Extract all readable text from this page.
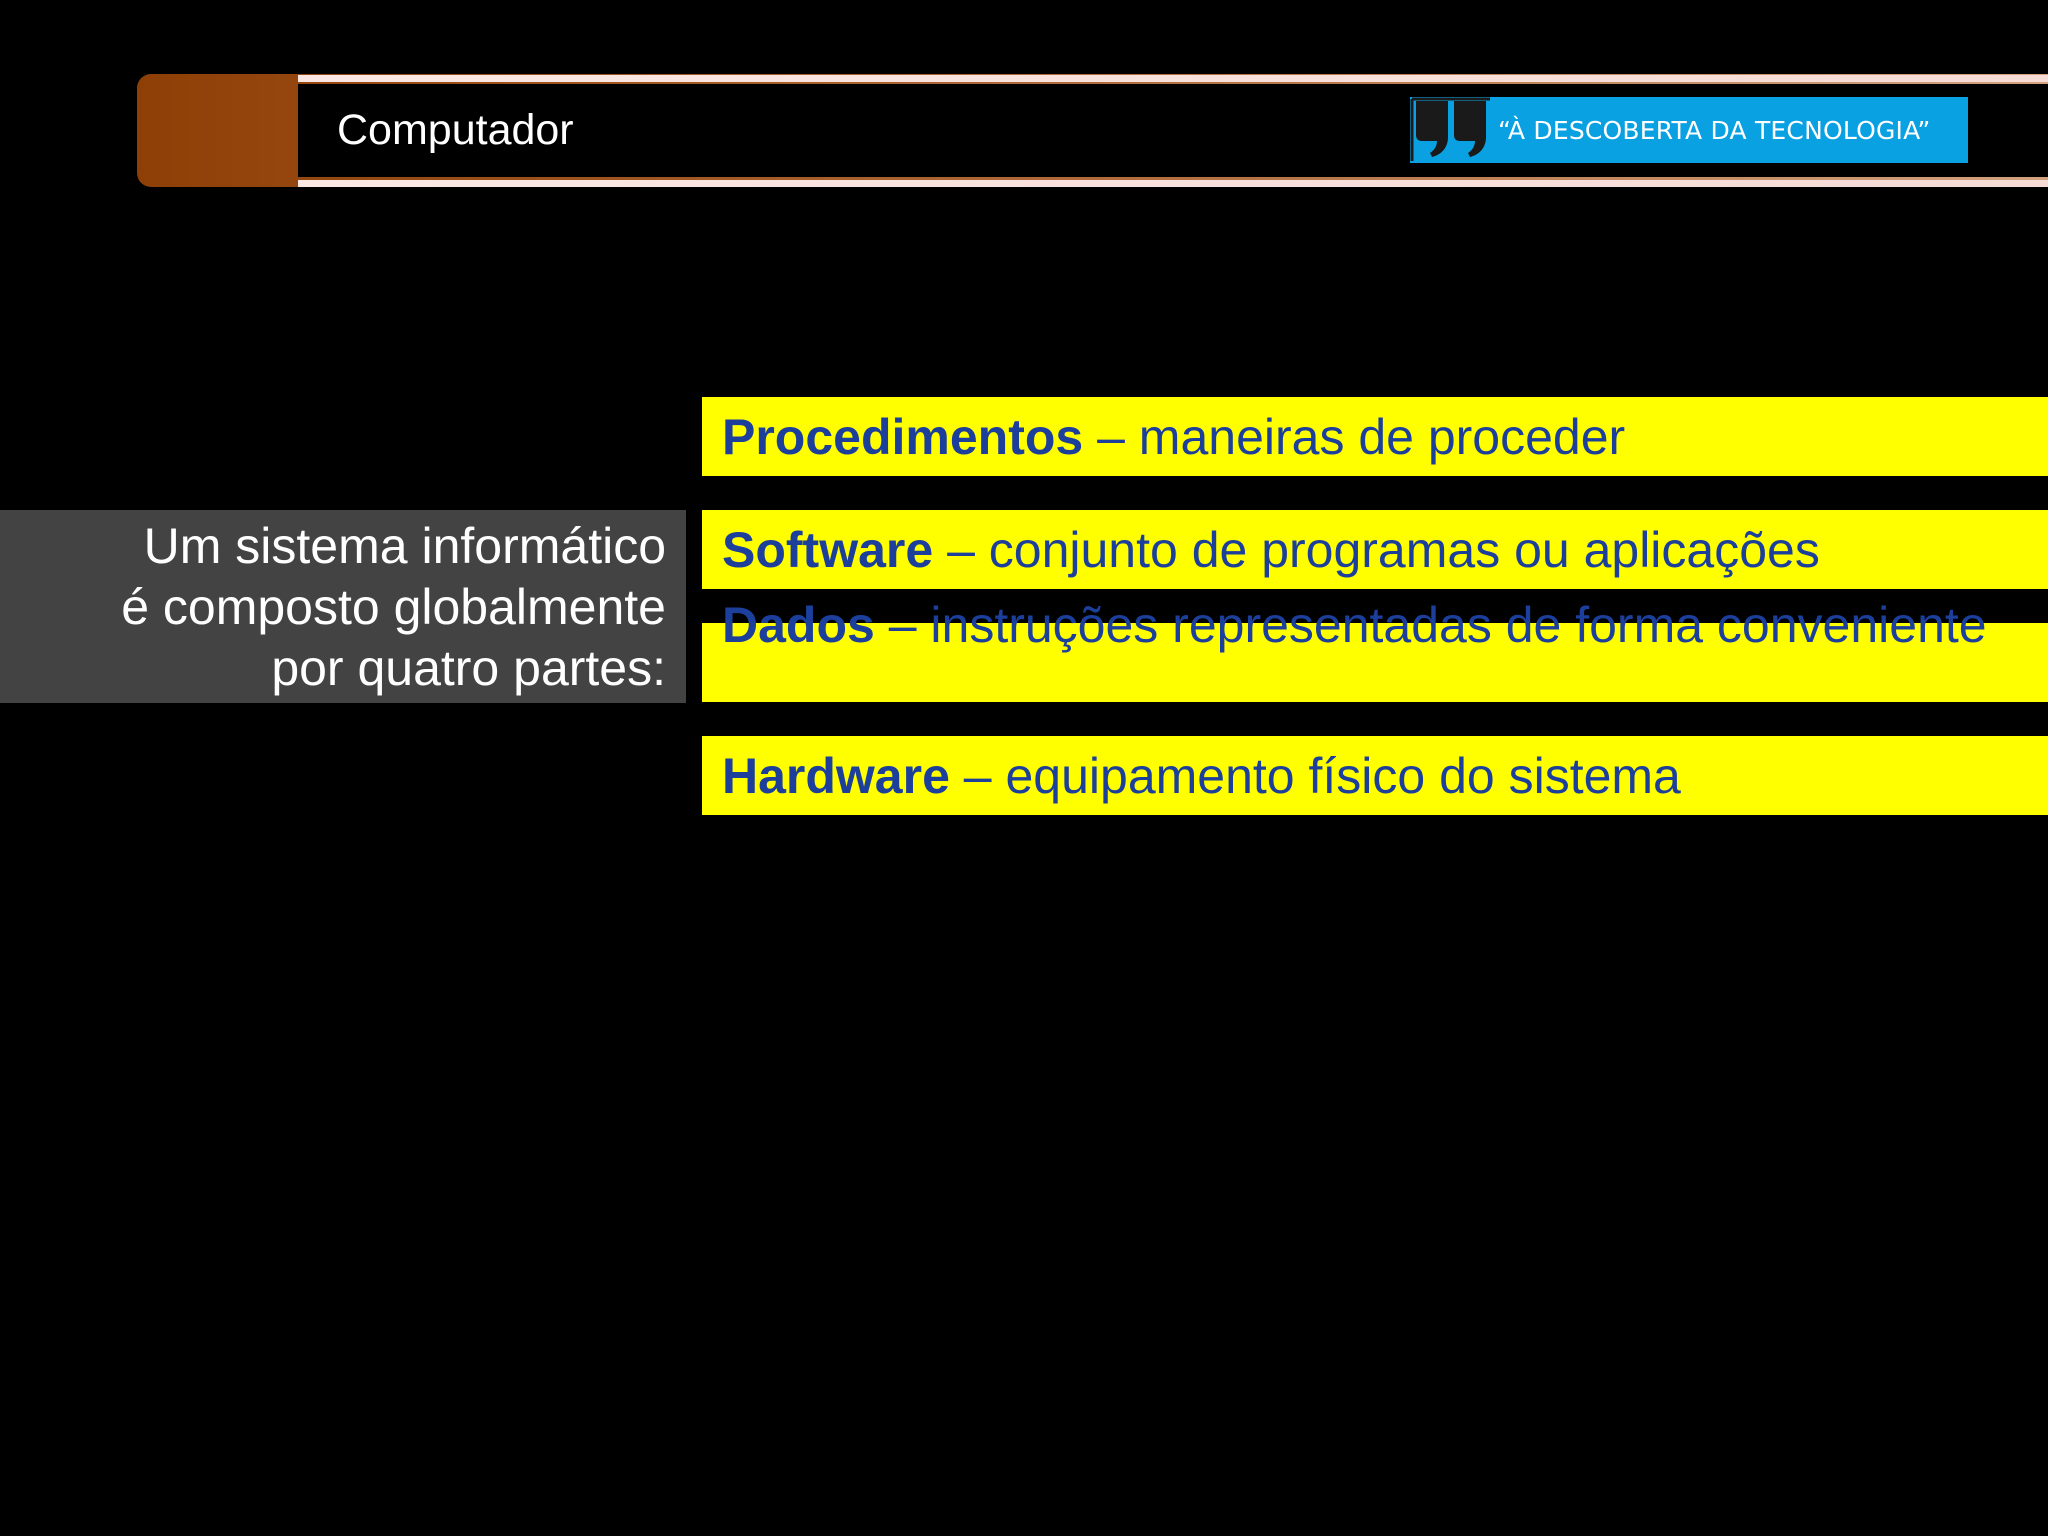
Computador	“À DESCOBERTA DA TECNOLOGIA”
Um sistema informático
é composto globalmente
por quatro partes:
Procedimentos – maneiras de proceder
Software – conjunto de programas ou aplicações
Dados – instruções representadas de forma conveniente
Hardware – equipamento físico do sistema
